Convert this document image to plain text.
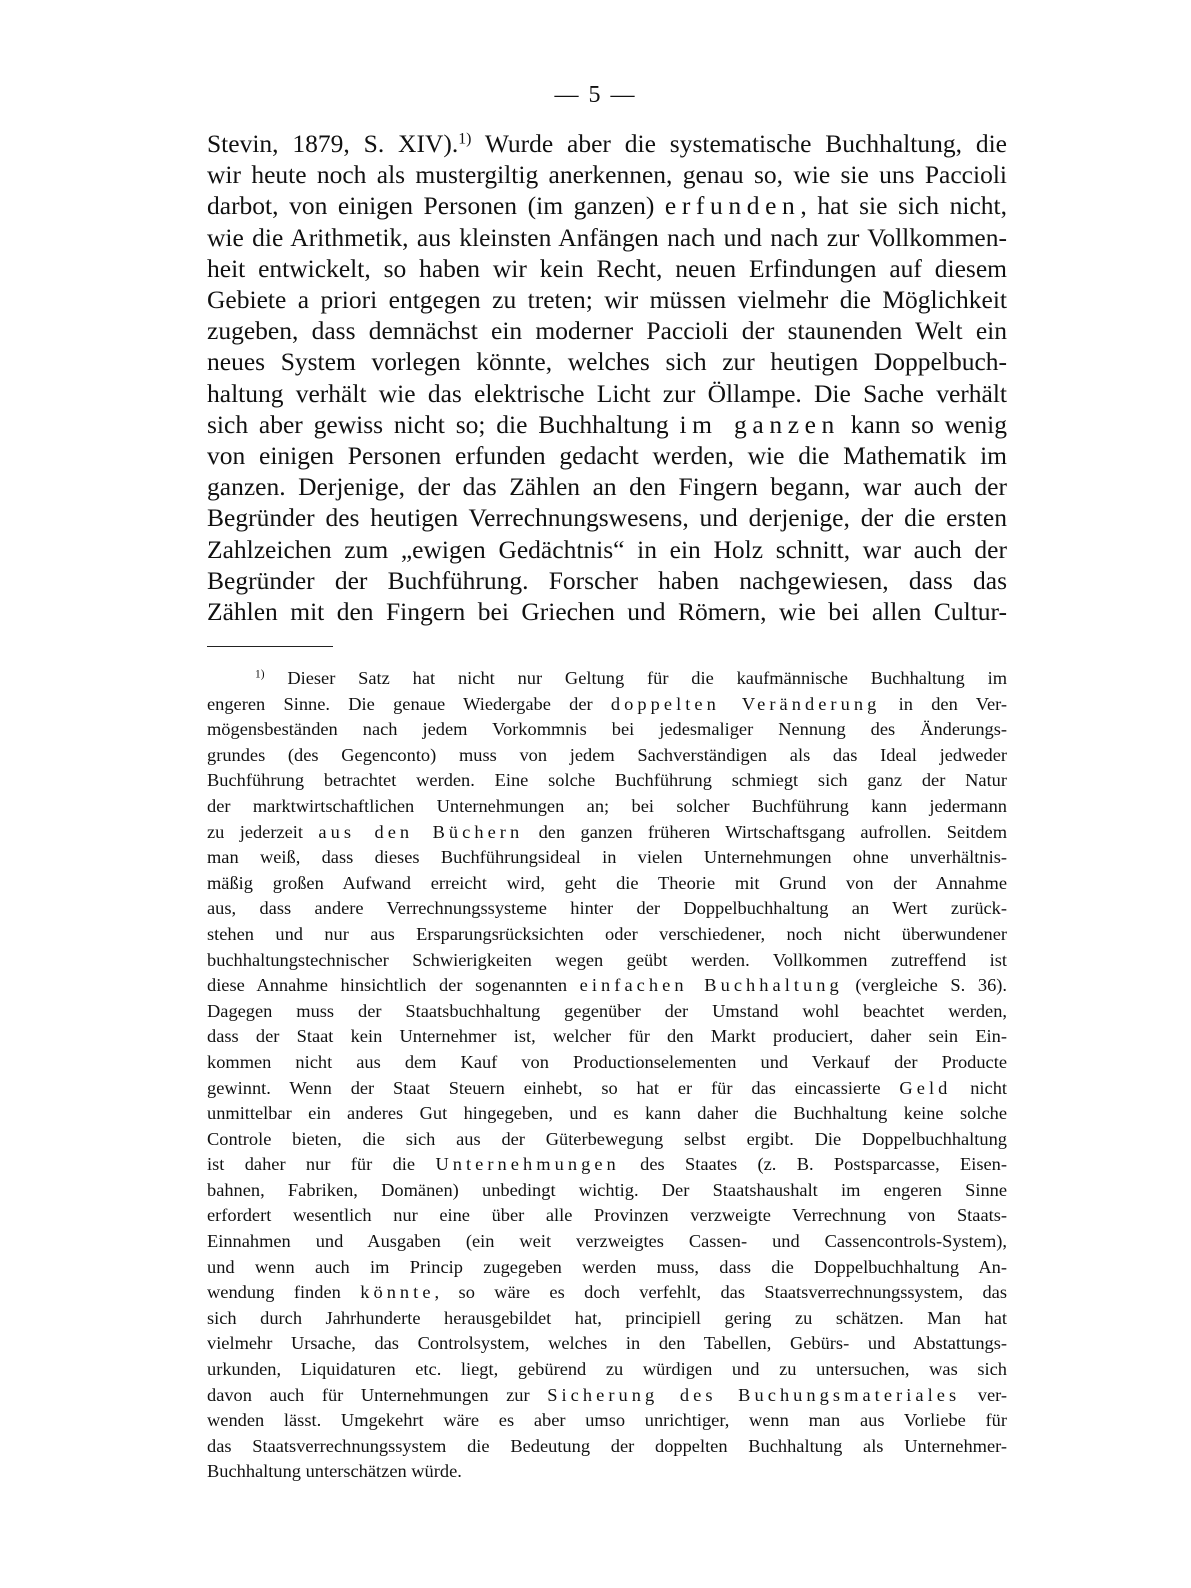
— 5 —
Stevin, 1879, S. XIV).$^{1)}$ Wurde aber die systematische Buchhaltung, die
wir heute noch als mustergiltig anerkennen, genau so, wie sie uns Paccioli
darbot, von einigen Personen (im ganzen) erfunden, hat sie sich nicht,
wie die Arithmetik, aus kleinsten Anfängen nach und nach zur Vollkommen-
heit entwickelt, so haben wir kein Recht, neuen Erfindungen auf diesem
Gebiete a priori entgegen zu treten; wir müssen vielmehr die Möglichkeit
zugeben, dass demnächst ein moderner Paccioli der staunenden Welt ein
neues System vorlegen könnte, welches sich zur heutigen Doppelbuch-
haltung verhält wie das elektrische Licht zur Öllampe. Die Sache verhält
sich aber gewiss nicht so; die Buchhaltung im ganzen kann so wenig
von einigen Personen erfunden gedacht werden, wie die Mathematik im
ganzen. Derjenige, der das Zählen an den Fingern begann, war auch der
Begründer des heutigen Verrechnungswesens, und derjenige, der die ersten
Zahlzeichen zum „ewigen Gedächtnis“ in ein Holz schnitt, war auch der
Begründer der Buchführung. Forscher haben nachgewiesen, dass das
Zählen mit den Fingern bei Griechen und Römern, wie bei allen Cultur-
$^{1)}$ Dieser Satz hat nicht nur Geltung für die kaufmännische Buchhaltung im
engeren Sinne. Die genaue Wiedergabe der doppelten Veränderung in den Ver-
mögensbeständen nach jedem Vorkommnis bei jedesmaliger Nennung des Änderungs-
grundes (des Gegenconto) muss von jedem Sachverständigen als das Ideal jedweder
Buchführung betrachtet werden. Eine solche Buchführung schmiegt sich ganz der Natur
der marktwirtschaftlichen Unternehmungen an; bei solcher Buchführung kann jedermann
zu jederzeit aus den Büchern den ganzen früheren Wirtschaftsgang aufrollen. Seitdem
man weiß, dass dieses Buchführungsideal in vielen Unternehmungen ohne unverhältnis-
mäßig großen Aufwand erreicht wird, geht die Theorie mit Grund von der Annahme
aus, dass andere Verrechnungssysteme hinter der Doppelbuchhaltung an Wert zurück-
stehen und nur aus Ersparungsrücksichten oder verschiedener, noch nicht überwundener
buchhaltungstechnischer Schwierigkeiten wegen geübt werden. Vollkommen zutreffend ist
diese Annahme hinsichtlich der sogenannten einfachen Buchhaltung (vergleiche S. 36).
Dagegen muss der Staatsbuchhaltung gegenüber der Umstand wohl beachtet werden,
dass der Staat kein Unternehmer ist, welcher für den Markt produciert, daher sein Ein-
kommen nicht aus dem Kauf von Productionselementen und Verkauf der Producte
gewinnt. Wenn der Staat Steuern einhebt, so hat er für das eincassierte Geld nicht
unmittelbar ein anderes Gut hingegeben, und es kann daher die Buchhaltung keine solche
Controle bieten, die sich aus der Güterbewegung selbst ergibt. Die Doppelbuchhaltung
ist daher nur für die Unternehmungen des Staates (z. B. Postsparcasse, Eisen-
bahnen, Fabriken, Domänen) unbedingt wichtig. Der Staatshaushalt im engeren Sinne
erfordert wesentlich nur eine über alle Provinzen verzweigte Verrechnung von Staats-
Einnahmen und Ausgaben (ein weit verzweigtes Cassen- und Cassencontrols-System),
und wenn auch im Princip zugegeben werden muss, dass die Doppelbuchhaltung An-
wendung finden könnte, so wäre es doch verfehlt, das Staatsverrechnungssystem, das
sich durch Jahrhunderte herausgebildet hat, principiell gering zu schätzen. Man hat
vielmehr Ursache, das Controlsystem, welches in den Tabellen, Gebürs- und Abstattungs-
urkunden, Liquidaturen etc. liegt, gebürend zu würdigen und zu untersuchen, was sich
davon auch für Unternehmungen zur Sicherung des Buchungsmateriales ver-
wenden lässt. Umgekehrt wäre es aber umso unrichtiger, wenn man aus Vorliebe für
das Staatsverrechnungssystem die Bedeutung der doppelten Buchhaltung als Unternehmer-
Buchhaltung unterschätzen würde.
